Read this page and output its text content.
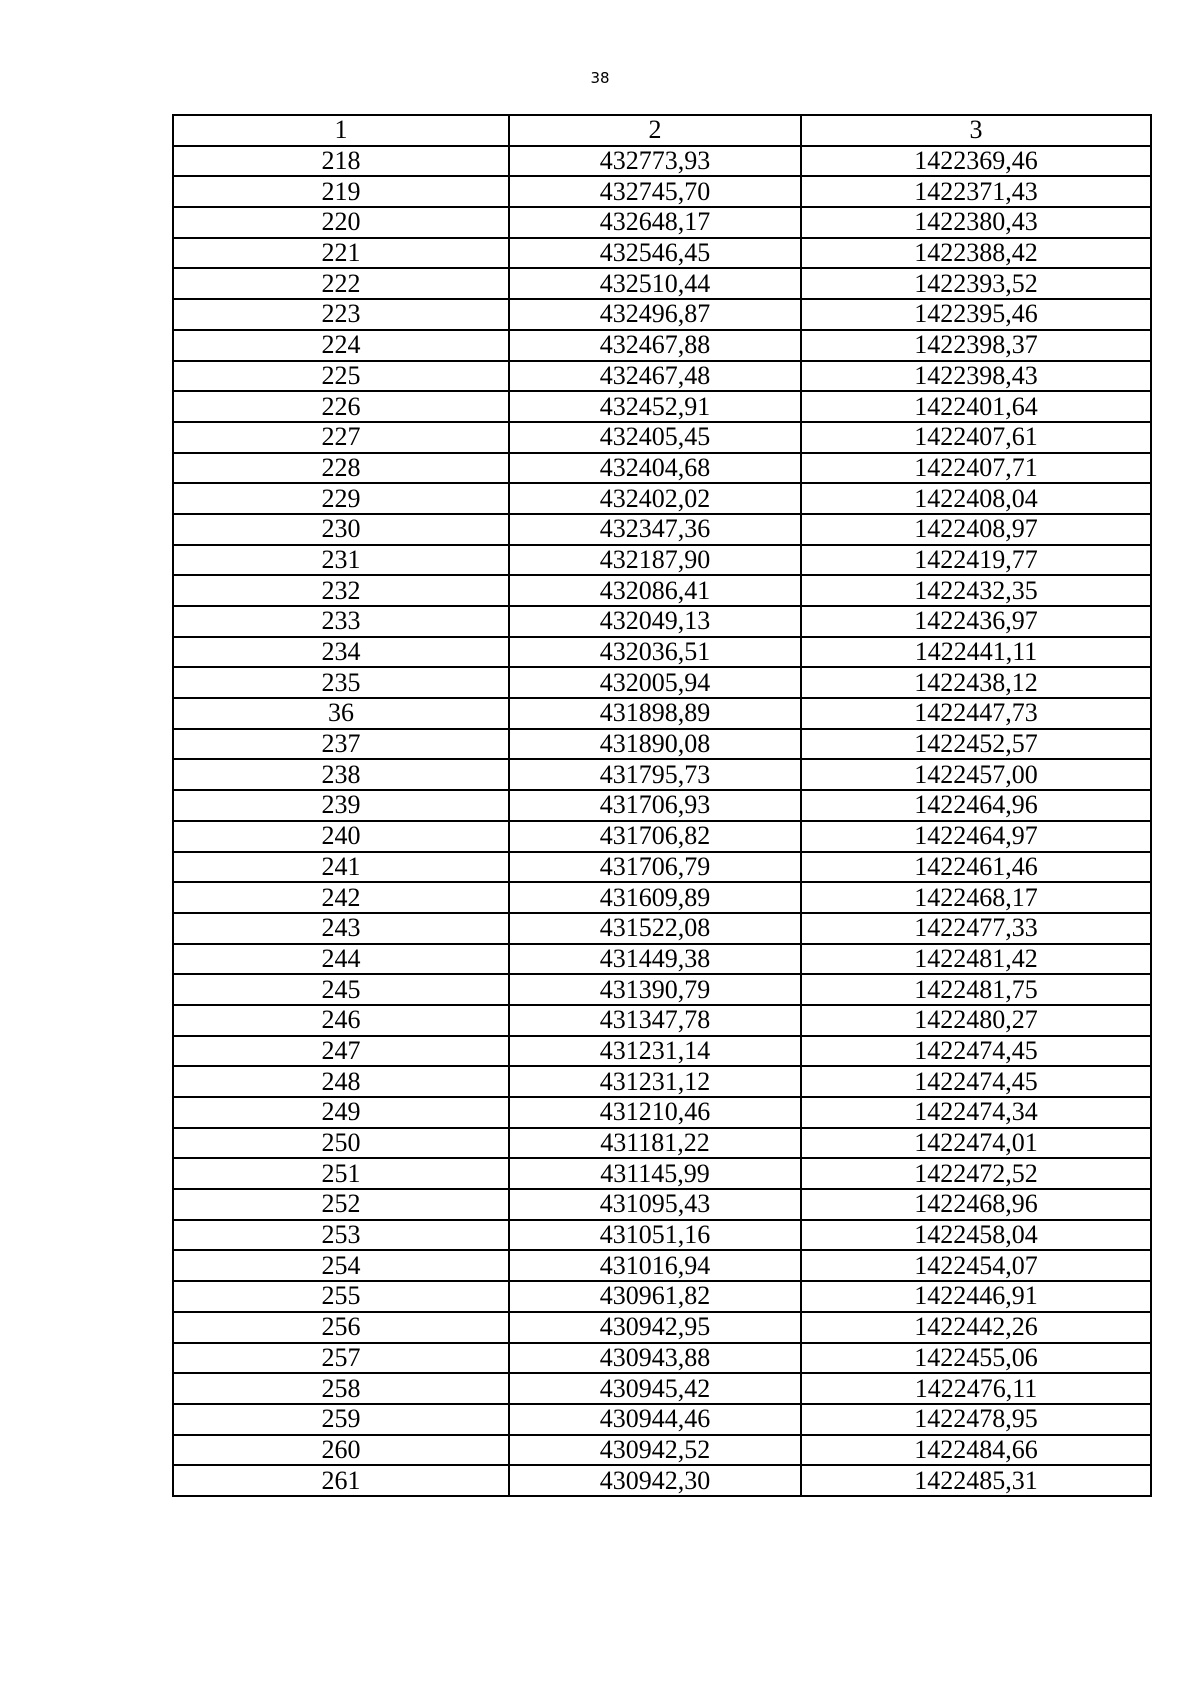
38
1	2	3
218	432773,93	1422369,46
219	432745,70	1422371,43
220	432648,17	1422380,43
221	432546,45	1422388,42
222	432510,44	1422393,52
223	432496,87	1422395,46
224	432467,88	1422398,37
225	432467,48	1422398,43
226	432452,91	1422401,64
227	432405,45	1422407,61
228	432404,68	1422407,71
229	432402,02	1422408,04
230	432347,36	1422408,97
231	432187,90	1422419,77
232	432086,41	1422432,35
233	432049,13	1422436,97
234	432036,51	1422441,11
235	432005,94	1422438,12
36	431898,89	1422447,73
237	431890,08	1422452,57
238	431795,73	1422457,00
239	431706,93	1422464,96
240	431706,82	1422464,97
241	431706,79	1422461,46
242	431609,89	1422468,17
243	431522,08	1422477,33
244	431449,38	1422481,42
245	431390,79	1422481,75
246	431347,78	1422480,27
247	431231,14	1422474,45
248	431231,12	1422474,45
249	431210,46	1422474,34
250	431181,22	1422474,01
251	431145,99	1422472,52
252	431095,43	1422468,96
253	431051,16	1422458,04
254	431016,94	1422454,07
255	430961,82	1422446,91
256	430942,95	1422442,26
257	430943,88	1422455,06
258	430945,42	1422476,11
259	430944,46	1422478,95
260	430942,52	1422484,66
261	430942,30	1422485,31
